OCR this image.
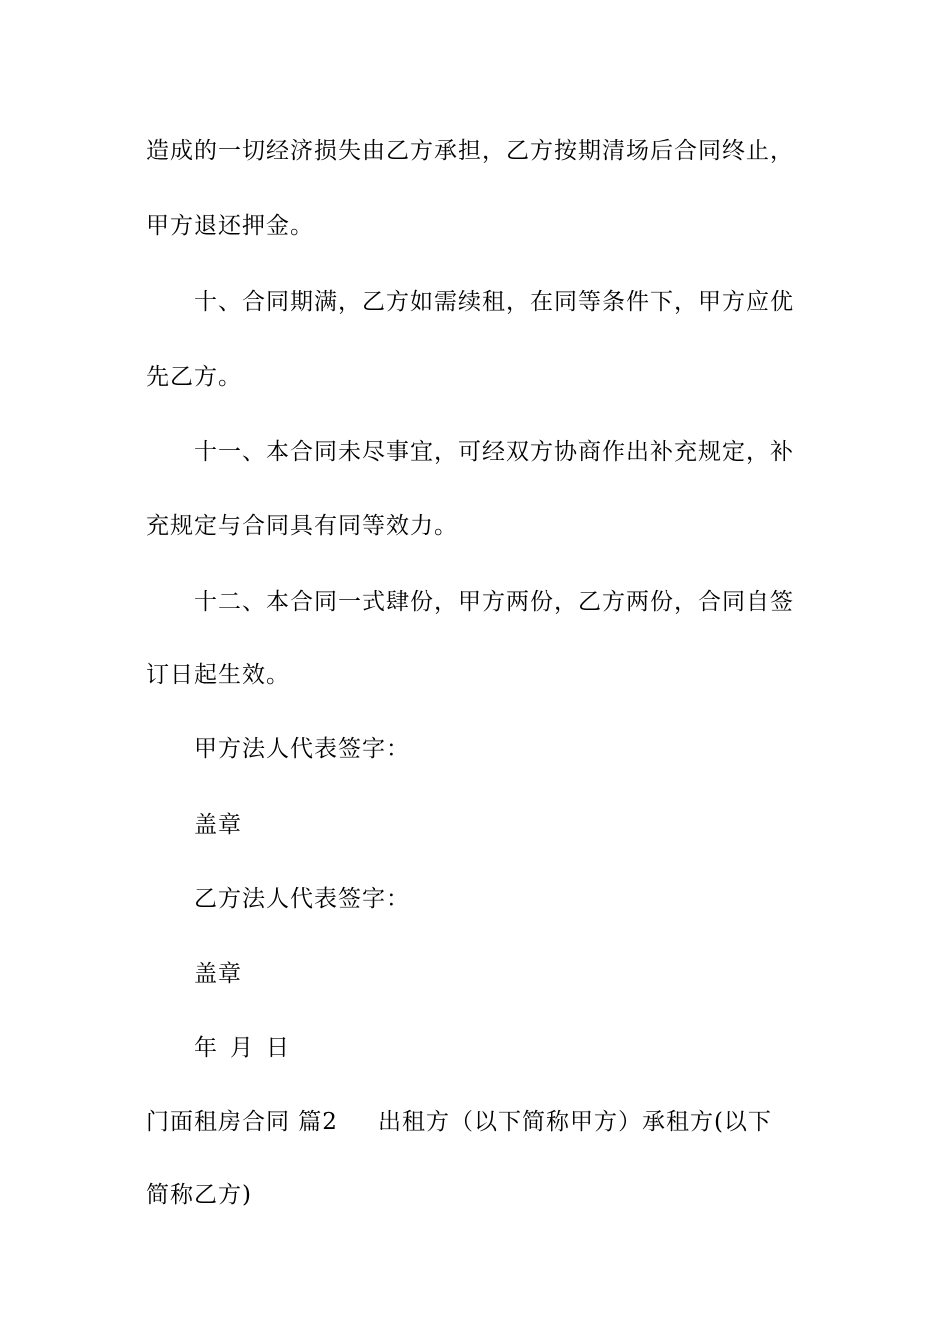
造成的一切经济损失由乙方承担，乙方按期清场后合同终止，
甲方退还押金。
十、合同期满，乙方如需续租，在同等条件下，甲方应优
先乙方。
十一、本合同未尽事宜，可经双方协商作出补充规定，补
充规定与合同具有同等效力。
十二、本合同一式肆份，甲方两份，乙方两份，合同自签
订日起生效。
甲方法人代表签字：
盖章
乙方法人代表签字：
盖章
年 月 日
门面租房合同 篇2 出租方（以下简称甲方）承租方(以下
简称乙方)
